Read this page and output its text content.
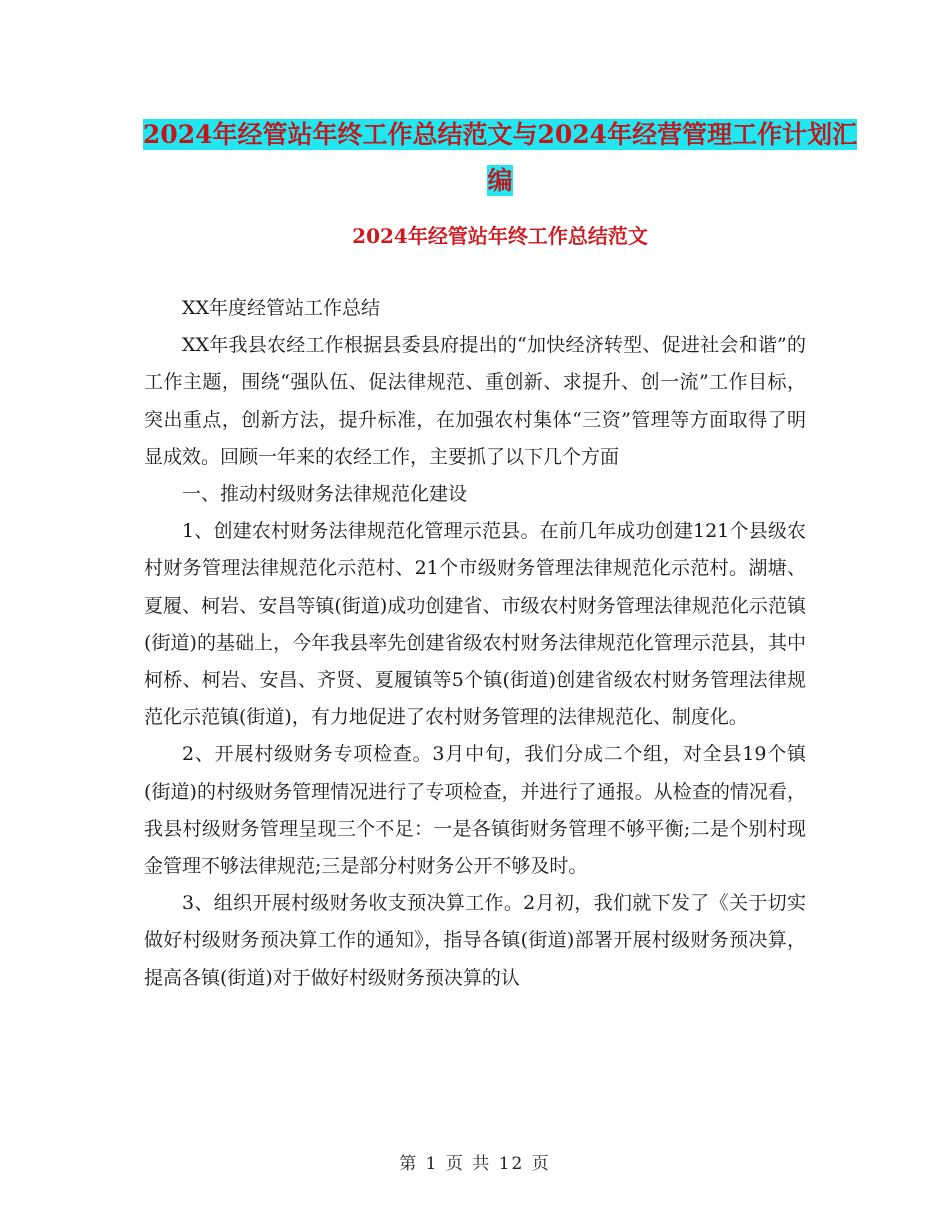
2024年经管站年终工作总结范文与2024年经营管理工作计划汇编
2024年经管站年终工作总结范文

XX年度经管站工作总结

XX年我县农经工作根据县委县府提出的“加快经济转型、促进社会和谐”的工作主题，围绕“强队伍、促法律规范、重创新、求提升、创一流”工作目标，突出重点，创新方法，提升标准，在加强农村集体“三资”管理等方面取得了明显成效。回顾一年来的农经工作，主要抓了以下几个方面

一、推动村级财务法律规范化建设

1、创建农村财务法律规范化管理示范县。在前几年成功创建121个县级农村财务管理法律规范化示范村、21个市级财务管理法律规范化示范村。湖塘、夏履、柯岩、安昌等镇(街道)成功创建省、市级农村财务管理法律规范化示范镇(街道)的基础上，今年我县率先创建省级农村财务法律规范化管理示范县，其中柯桥、柯岩、安昌、齐贤、夏履镇等5个镇(街道)创建省级农村财务管理法律规范化示范镇(街道)，有力地促进了农村财务管理的法律规范化、制度化。

2、开展村级财务专项检查。3月中旬，我们分成二个组，对全县19个镇(街道)的村级财务管理情况进行了专项检查，并进行了通报。从检查的情况看，我县村级财务管理呈现三个不足：一是各镇街财务管理不够平衡;二是个别村现金管理不够法律规范;三是部分村财务公开不够及时。

3、组织开展村级财务收支预决算工作。2月初，我们就下发了《关于切实做好村级财务预决算工作的通知》，指导各镇(街道)部署开展村级财务预决算，提高各镇(街道)对于做好村级财务预决算的认

第 1 页 共 12 页
